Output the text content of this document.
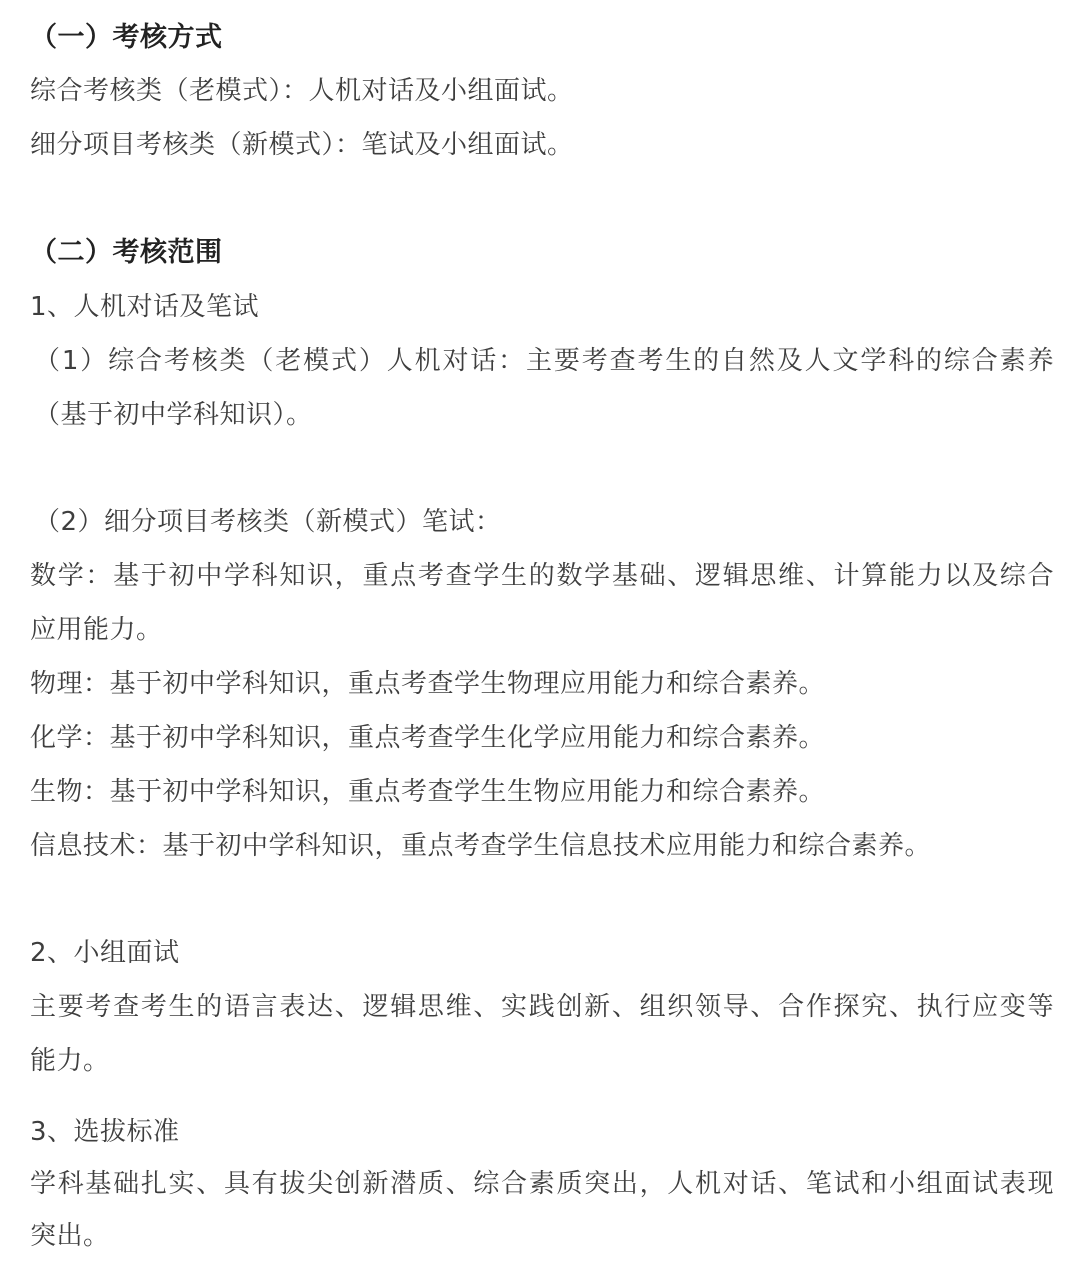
（一）考核方式
综合考核类（老模式）：人机对话及小组面试。
细分项目考核类（新模式）：笔试及小组面试。
（二）考核范围
1、人机对话及笔试
（1）综合考核类（老模式）人机对话：主要考查考生的自然及人文学科的综合素养
（基于初中学科知识）。
（2）细分项目考核类（新模式）笔试：
数学：基于初中学科知识，重点考查学生的数学基础、逻辑思维、计算能力以及综合
应用能力。
物理：基于初中学科知识，重点考查学生物理应用能力和综合素养。
化学：基于初中学科知识，重点考查学生化学应用能力和综合素养。
生物：基于初中学科知识，重点考查学生生物应用能力和综合素养。
信息技术：基于初中学科知识，重点考查学生信息技术应用能力和综合素养。
2、小组面试
主要考查考生的语言表达、逻辑思维、实践创新、组织领导、合作探究、执行应变等
能力。
3、选拔标准
学科基础扎实、具有拔尖创新潜质、综合素质突出，人机对话、笔试和小组面试表现
突出。
